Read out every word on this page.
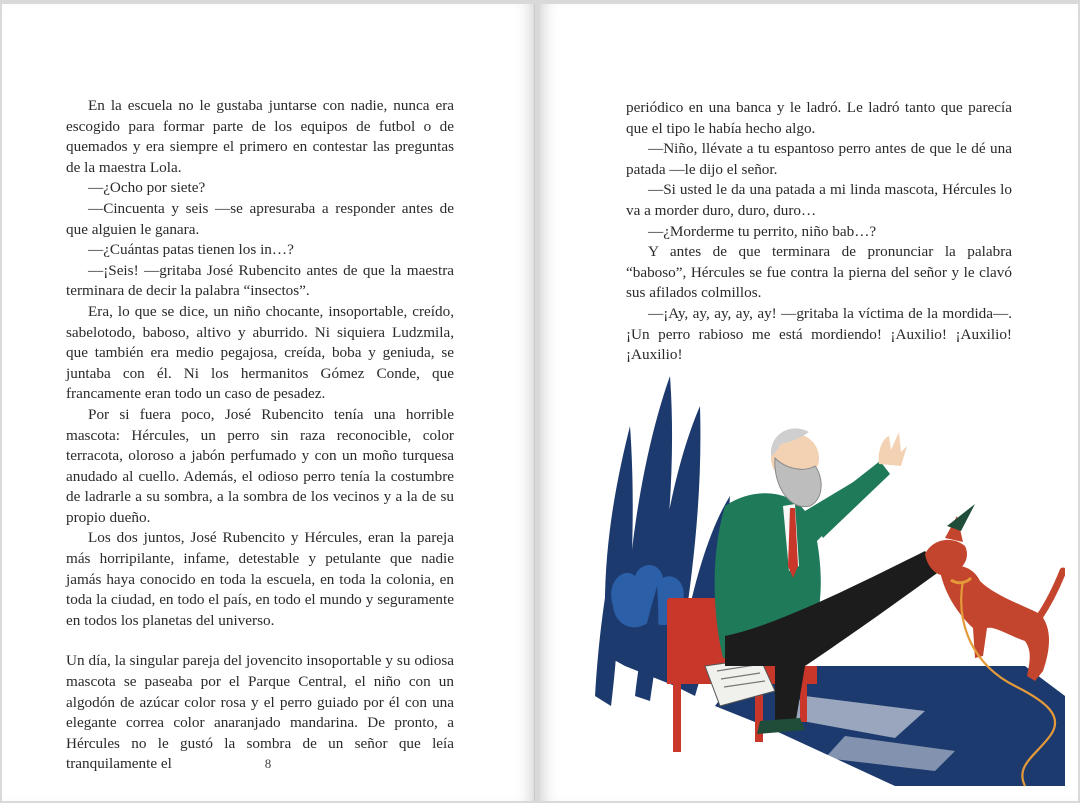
En la escuela no le gustaba juntarse con nadie, nunca era escogido para formar parte de los equipos de futbol o de quemados y era siempre el primero en contestar las preguntas de la maestra Lola.

—¿Ocho por siete?

—Cincuenta y seis —se apresuraba a responder antes de que alguien le ganara.

—¿Cuántas patas tienen los in…?

—¡Seis! —gritaba José Rubencito antes de que la maestra terminara de decir la palabra “insectos”.

Era, lo que se dice, un niño chocante, insoportable, creído, sabelotodo, baboso, altivo y aburrido. Ni siquiera Ludzmila, que también era medio pegajosa, creída, boba y geniuda, se juntaba con él. Ni los hermanitos Gómez Conde, que francamente eran todo un caso de pesadez.

Por si fuera poco, José Rubencito tenía una horrible mascota: Hércules, un perro sin raza reconocible, color terracota, oloroso a jabón perfumado y con un moño turquesa anudado al cuello. Además, el odioso perro tenía la costumbre de ladrarle a su sombra, a la sombra de los vecinos y a la de su propio dueño.

Los dos juntos, José Rubencito y Hércules, eran la pareja más horripilante, infame, detestable y petulante que nadie jamás haya conocido en toda la escuela, en toda la colonia, en toda la ciudad, en todo el país, en todo el mundo y seguramente en todos los planetas del universo.

Un día, la singular pareja del jovencito insoportable y su odiosa mascota se paseaba por el Parque Central, el niño con un algodón de azúcar color rosa y el perro guiado por él con una elegante correa color anaranjado mandarina. De pronto, a Hércules no le gustó la sombra de un señor que leía tranquilamente el	8

periódico en una banca y le ladró. Le ladró tanto que parecía que el tipo le había hecho algo.

—Niño, llévate a tu espantoso perro antes de que le dé una patada —le dijo el señor.

—Si usted le da una patada a mi linda mascota, Hércules lo va a morder duro, duro, duro…

—¿Morderme tu perrito, niño bab…?

Y antes de que terminara de pronunciar la palabra “baboso”, Hércules se fue contra la pierna del señor y le clavó sus afilados colmillos.

—¡Ay, ay, ay, ay, ay! —gritaba la víctima de la mordida—. ¡Un perro rabioso me está mordiendo! ¡Auxilio! ¡Auxilio! ¡Auxilio!
